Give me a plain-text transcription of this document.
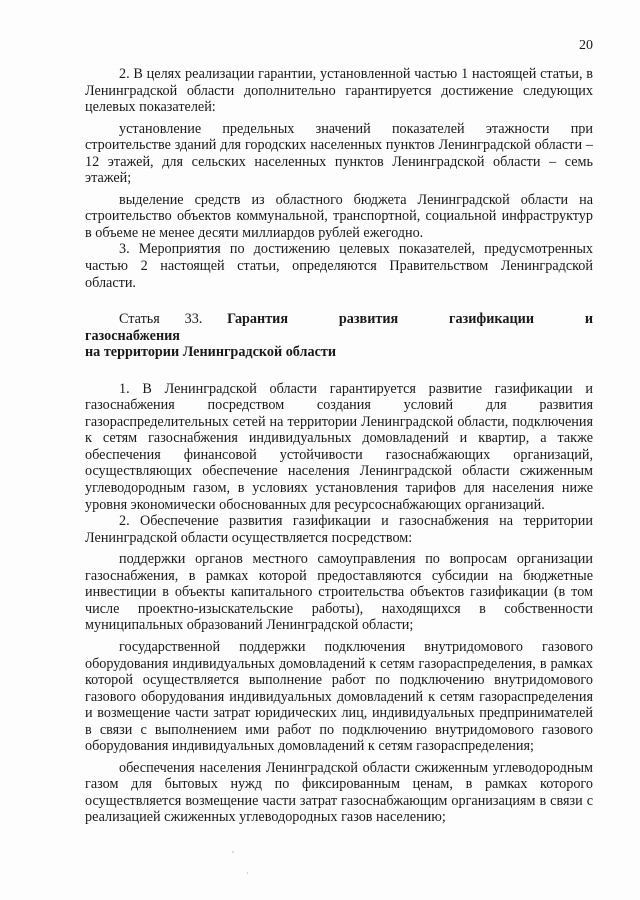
20

2. В целях реализации гарантии, установленной частью 1 настоящей статьи, в Ленинградской области дополнительно гарантируется достижение следующих целевых показателей:

установление предельных значений показателей этажности при строительстве зданий для городских населенных пунктов Ленинградской области – 12 этажей, для сельских населенных пунктов Ленинградской области – семь этажей;

выделение средств из областного бюджета Ленинградской области на строительство объектов коммунальной, транспортной, социальной инфраструктур в объеме не менее десяти миллиардов рублей ежегодно.

3. Мероприятия по достижению целевых показателей, предусмотренных частью 2 настоящей статьи, определяются Правительством Ленинградской области.

Статья 33. Гарантия развития газификации и газоснабжения
на территории Ленинградской области

1. В Ленинградской области гарантируется развитие газификации и газоснабжения посредством создания условий для развития газораспределительных сетей на территории Ленинградской области, подключения к сетям газоснабжения индивидуальных домовладений и квартир, а также обеспечения финансовой устойчивости газоснабжающих организаций, осуществляющих обеспечение населения Ленинградской области сжиженным углеводородным газом, в условиях установления тарифов для населения ниже уровня экономически обоснованных для ресурсоснабжающих организаций.

2. Обеспечение развития газификации и газоснабжения на территории Ленинградской области осуществляется посредством:

поддержки органов местного самоуправления по вопросам организации газоснабжения, в рамках которой предоставляются субсидии на бюджетные инвестиции в объекты капитального строительства объектов газификации (в том числе проектно-изыскательские работы), находящихся в собственности муниципальных образований Ленинградской области;

государственной поддержки подключения внутридомового газового оборудования индивидуальных домовладений к сетям газораспределения, в рамках которой осуществляется выполнение работ по подключению внутридомового газового оборудования индивидуальных домовладений к сетям газораспределения и возмещение части затрат юридических лиц, индивидуальных предпринимателей в связи с выполнением ими работ по подключению внутридомового газового оборудования индивидуальных домовладений к сетям газораспределения;

обеспечения населения Ленинградской области сжиженным углеводородным газом для бытовых нужд по фиксированным ценам, в рамках которого осуществляется возмещение части затрат газоснабжающим организациям в связи с реализацией сжиженных углеводородных газов населению;
